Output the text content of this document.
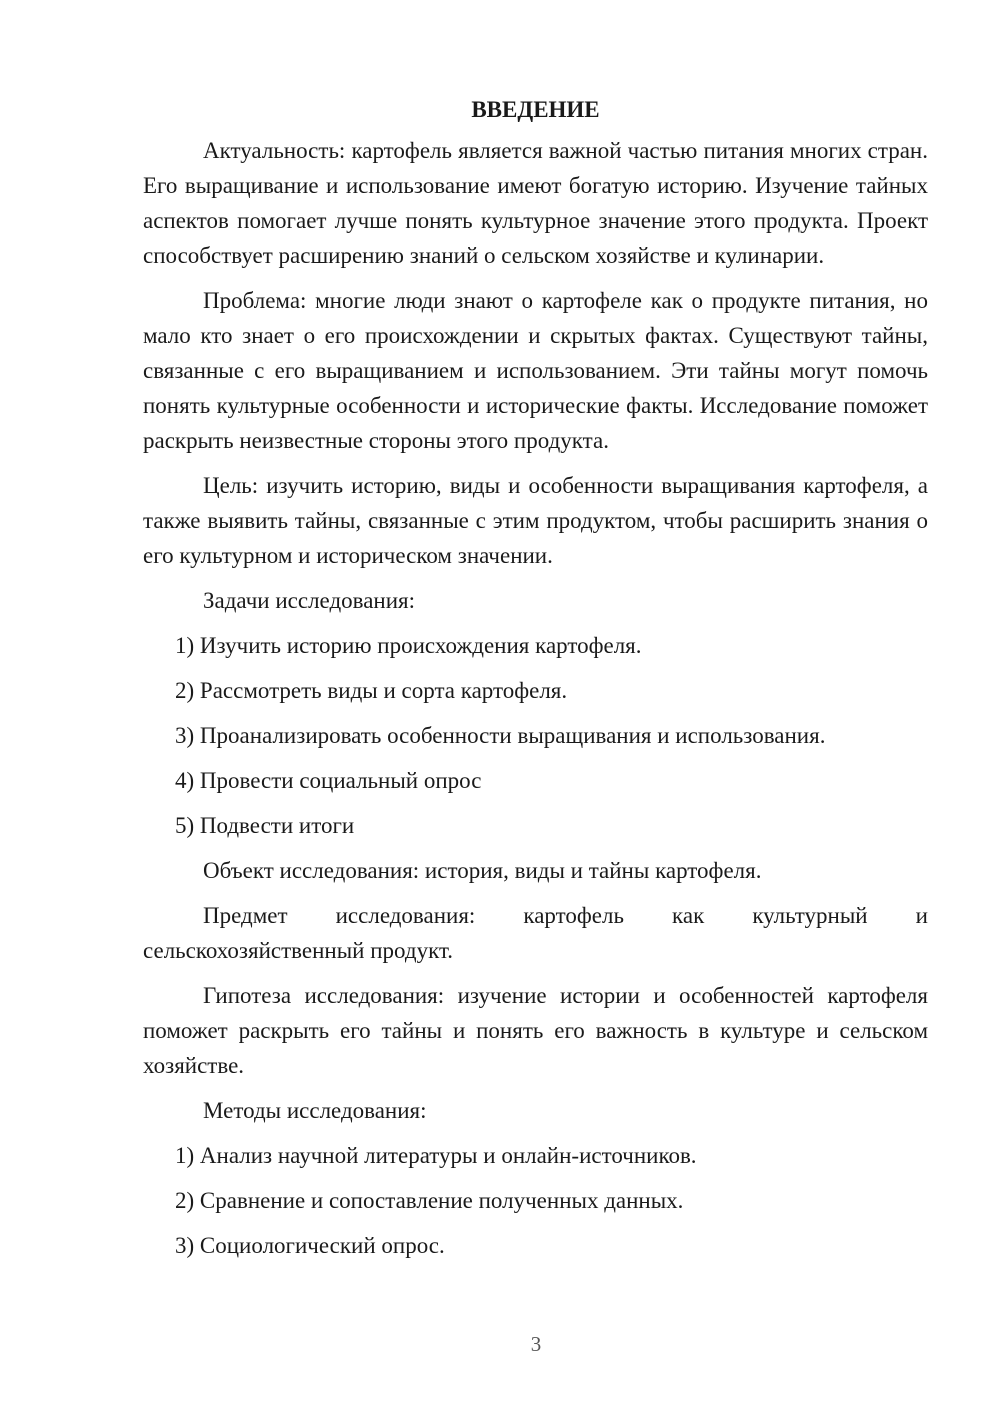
ВВЕДЕНИЕ

Актуальность: картофель является важной частью питания многих стран. Его выращивание и использование имеют богатую историю. Изучение тайных аспектов помогает лучше понять культурное значение этого продукта. Проект способствует расширению знаний о сельском хозяйстве и кулинарии.

Проблема: многие люди знают о картофеле как о продукте питания, но мало кто знает о его происхождении и скрытых фактах. Существуют тайны, связанные с его выращиванием и использованием. Эти тайны могут помочь понять культурные особенности и исторические факты. Исследование поможет раскрыть неизвестные стороны этого продукта.

Цель: изучить историю, виды и особенности выращивания картофеля, а также выявить тайны, связанные с этим продуктом, чтобы расширить знания о его культурном и историческом значении.

Задачи исследования:

1) Изучить историю происхождения картофеля.

2) Рассмотреть виды и сорта картофеля.

3) Проанализировать особенности выращивания и использования.

4) Провести социальный опрос

5) Подвести итоги

Объект исследования: история, виды и тайны картофеля.

Предмет исследования: картофель как культурный и сельскохозяйственный продукт.

Гипотеза исследования: изучение истории и особенностей картофеля поможет раскрыть его тайны и понять его важность в культуре и сельском хозяйстве.

Методы исследования:

1) Анализ научной литературы и онлайн-источников.

2) Сравнение и сопоставление полученных данных.

3) Социологический опрос.

3
